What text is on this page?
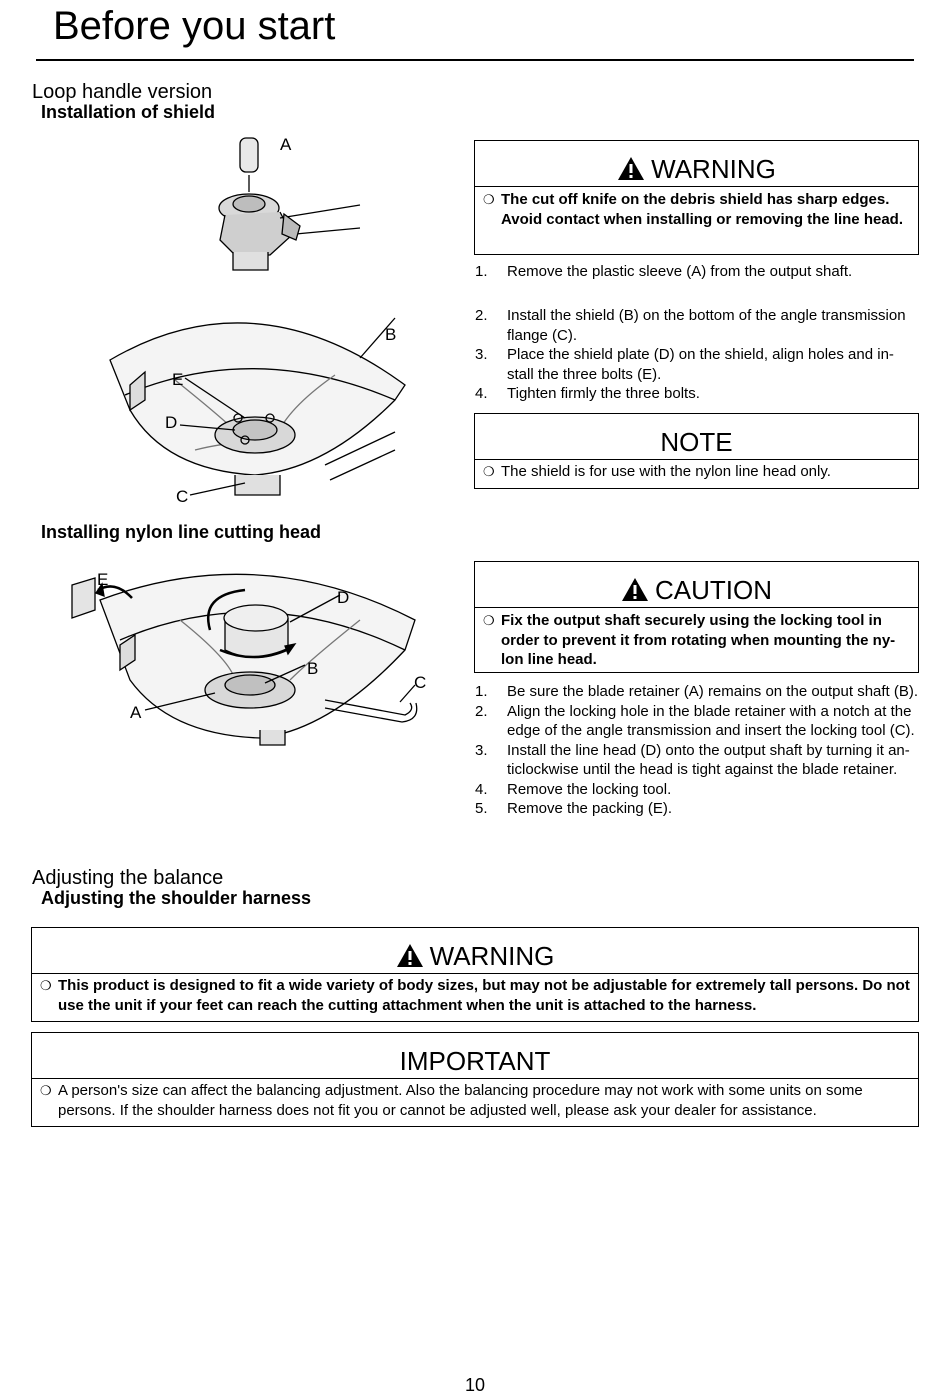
Before you start
Loop handle version
Installation of shield
A
B
E
D
C
WARNING
❍ The cut off knife on the debris shield has sharp edges. Avoid contact when installing or removing the line head.
1.	Remove the plastic sleeve (A) from the output shaft.
2.	Install the shield (B) on the bottom of the angle transmission flange (C).
3.	Place the shield plate (D) on the shield, align holes and in-stall the three bolts (E).
4.	Tighten firmly the three bolts.
NOTE
❍ The shield is for use with the nylon line head only.
Installing nylon line cutting head
E
D
B
C
A
CAUTION
❍ Fix the output shaft securely using the locking tool in order to prevent it from rotating when mounting the ny-lon line head.
1.	Be sure the blade retainer (A) remains on the output shaft (B).
2.	Align the locking hole in the blade retainer with a notch at the edge of the angle transmission and insert the locking tool (C).
3.	Install the line head (D) onto the output shaft by turning it an-ticlockwise until the head is tight against the blade retainer.
4.	Remove the locking tool.
5.	Remove the packing (E).
Adjusting the balance
Adjusting the shoulder harness
WARNING
❍ This product is designed to fit a wide variety of body sizes, but may not be adjustable for extremely tall persons. Do not use the unit if your feet can reach the cutting attachment when the unit is attached to the harness.
IMPORTANT
❍ A person's size can affect the balancing adjustment. Also the balancing procedure may not work with some units on some persons. If the shoulder harness does not fit you or cannot be adjusted well, please ask your dealer for assistance.
10
